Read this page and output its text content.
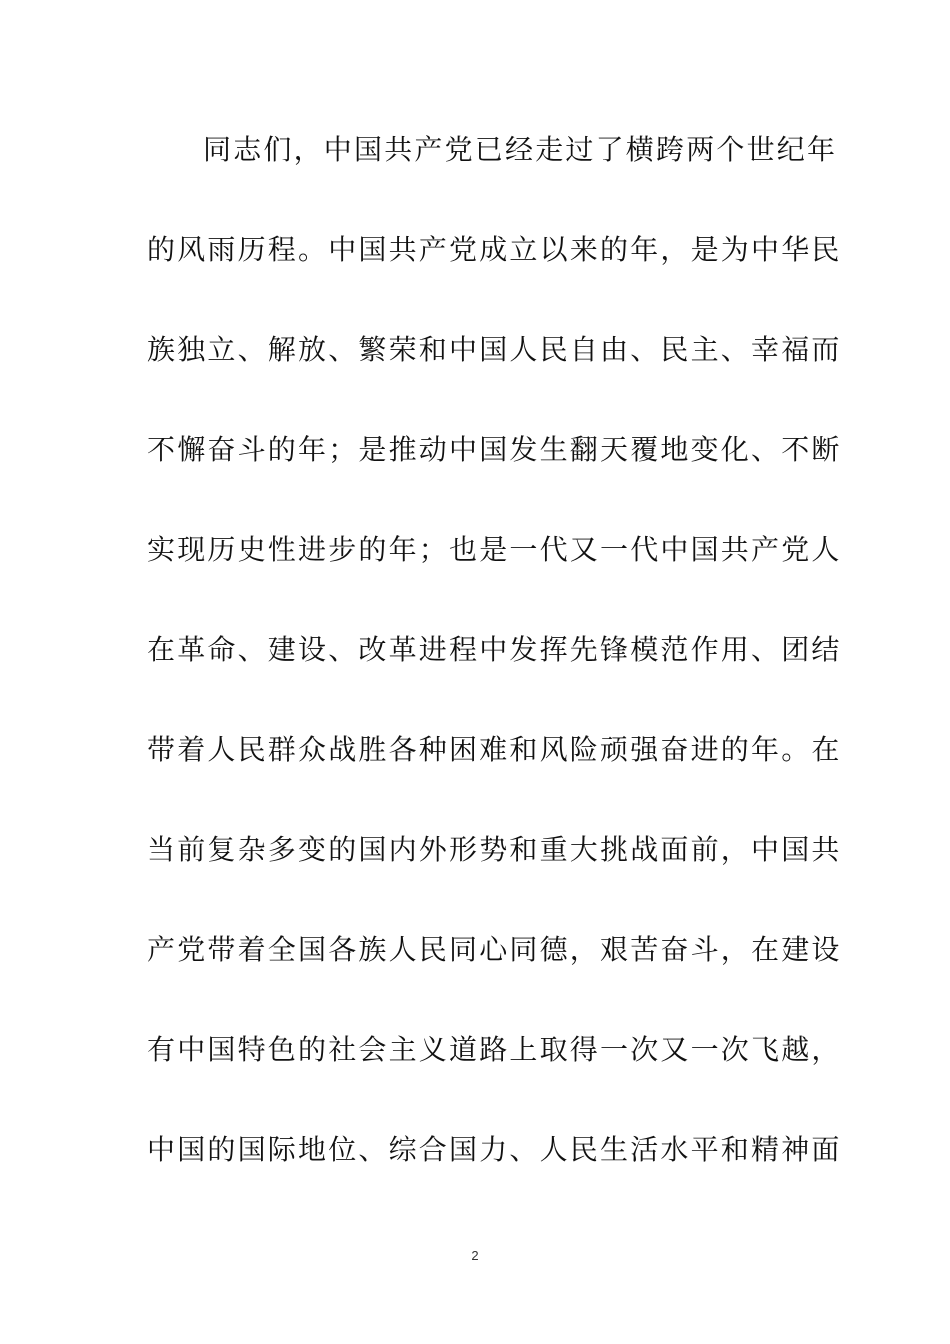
同志们，中国共产党已经走过了横跨两个世纪年
的风雨历程。中国共产党成立以来的年，是为中华民
族独立、解放、繁荣和中国人民自由、民主、幸福而
不懈奋斗的年；是推动中国发生翻天覆地变化、不断
实现历史性进步的年；也是一代又一代中国共产党人
在革命、建设、改革进程中发挥先锋模范作用、团结
带着人民群众战胜各种困难和风险顽强奋进的年。在
当前复杂多变的国内外形势和重大挑战面前，中国共
产党带着全国各族人民同心同德，艰苦奋斗，在建设
有中国特色的社会主义道路上取得一次又一次飞越，
中国的国际地位、综合国力、人民生活水平和精神面
2
